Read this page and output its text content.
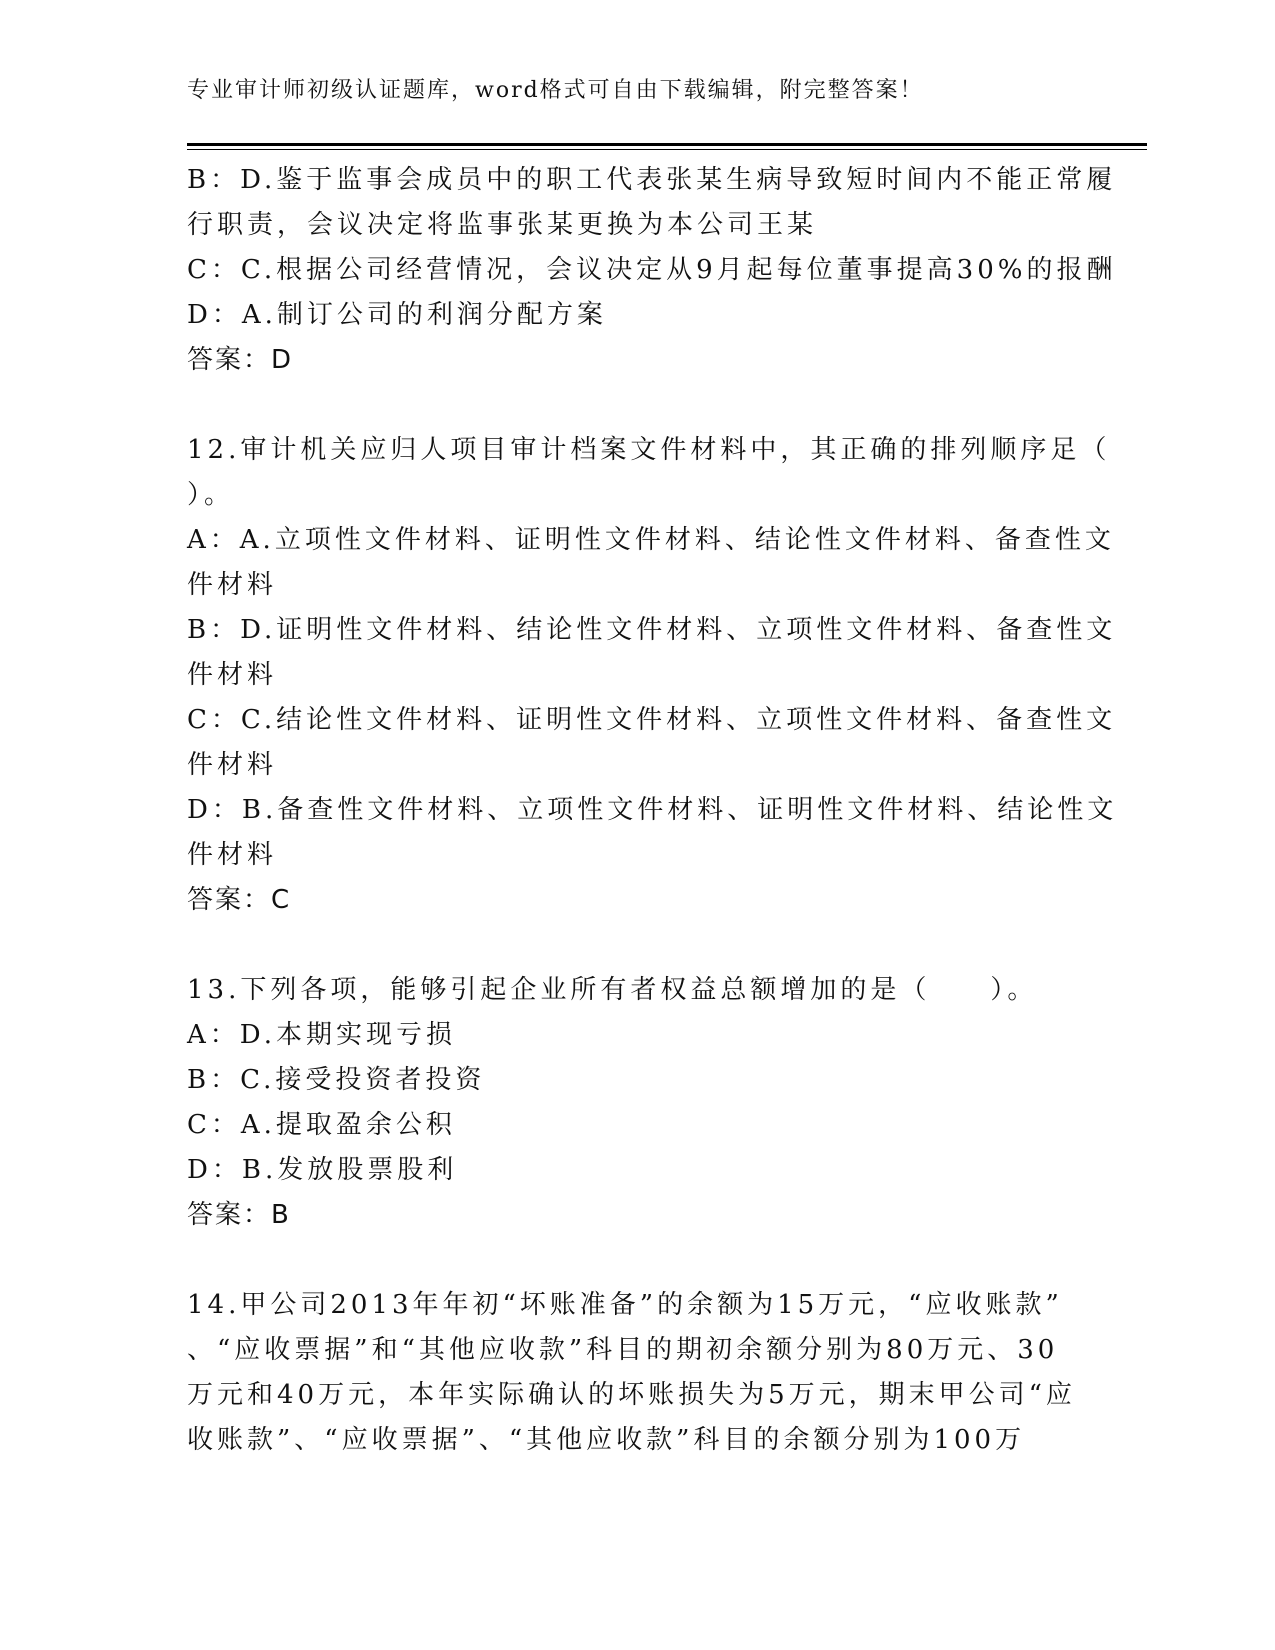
专业审计师初级认证题库，word格式可自由下载编辑，附完整答案！
B：D.鉴于监事会成员中的职工代表张某生病导致短时间内不能正常履
行职责，会议决定将监事张某更换为本公司王某
C：C.根据公司经营情况，会议决定从9月起每位董事提高30%的报酬
D：A.制订公司的利润分配方案
答案：D
12.审计机关应归人项目审计档案文件材料中，其正确的排列顺序足（
）。
A：A.立项性文件材料、证明性文件材料、结论性文件材料、备查性文
件材料
B：D.证明性文件材料、结论性文件材料、立项性文件材料、备查性文
件材料
C：C.结论性文件材料、证明性文件材料、立项性文件材料、备查性文
件材料
D：B.备查性文件材料、立项性文件材料、证明性文件材料、结论性文
件材料
答案：C
13.下列各项，能够引起企业所有者权益总额增加的是（　　）。
A：D.本期实现亏损
B：C.接受投资者投资
C：A.提取盈余公积
D：B.发放股票股利
答案：B
14.甲公司2013年年初“坏账准备”的余额为15万元，“应收账款”
、“应收票据”和“其他应收款”科目的期初余额分别为80万元、30
万元和40万元，本年实际确认的坏账损失为5万元，期末甲公司“应
收账款”、“应收票据”、“其他应收款”科目的余额分别为100万
